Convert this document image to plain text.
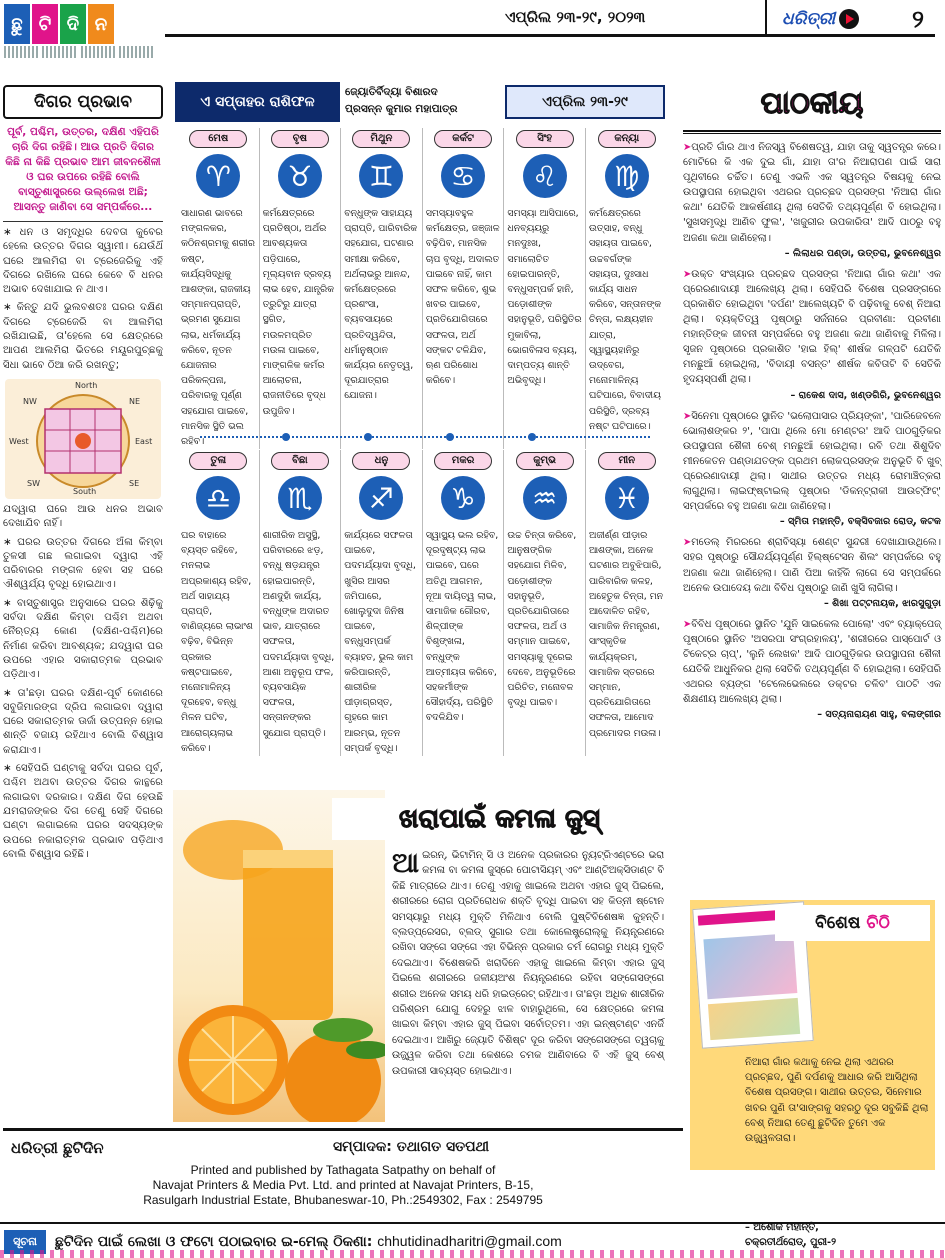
ଛୁ ଟି ଦି ନ	ଏପ୍ରିଲ ୨୩-୨୯, ୨୦୨୩	ଧରିତ୍ରୀ	୨
ଦିଗର ପ୍ରଭାବ
ପୂର୍ବ, ପଶ୍ଚିମ, ଉତ୍ତର, ଦକ୍ଷିଣ ଏହିପରି ଚାରି ଦିଗ ରହିଛି। ଆଉ ପ୍ରତି ଦିଗର କିଛି ନା କିଛି ପ୍ରଭାବ ଆମ ଜୀବନଶୈଳୀ ଓ ଘର ଉପରେ ରହିଛି ବୋଲି ବାସ୍ତୁଶାସ୍ତ୍ରରେ ଉଲ୍ଲେଖ ଅଛି; ଆସନ୍ତୁ ଜାଣିବା ସେ ସମ୍ପର୍କରେ...
∗ ଧନ ଓ ସମୃଦ୍ଧିର ଦେବତା କୁବେର ହେଲେ ଉତ୍ତର ଦିଗର ସ୍ୱାମୀ। ଯେଉଁଥିଁ ଘରେ ଆଲମିରା ବା ଟ୍ରେଜେରିକୁ ଏହି ଦିଗରେ ରଖିଲେ ଘରେ କେବେ ବି ଧନର ଅଭାବ ଦେଖାଯାଇ ନ ଥାଏ।
∗ କିନ୍ତୁ ଯଦି ଭୁଲବଶତଃ ଘରର ଦକ୍ଷିଣ ଦିଗରେ ଟ୍ରେଜେରି ବା ଆଲମିରା ରଖିଯାଇଛି, ତା'ହେଲେ ସେ କ୍ଷେତ୍ରରେ ଆପଣ ଆଲମିରା ଭିତରେ ମୟୂରପୁଚ୍ଛକୁ ସିଧା ଭାବେ ଠିଆ କରି ରଖନ୍ତୁ;
North
NW	NE
West	East
SW	SE
South
ଯଦ୍ୱାରା ଘରେ ଆଉ ଧନର ଅଭାବ ଦେଖାଯିବ ନାହିଁ।
∗ ଘରର ଉତ୍ତର ଦିଗରେ ଅଁଳା କିମ୍ବା ତୁଳସୀ ଗଛ ଲଗାଇବା ଦ୍ୱାରା ଏହି ପରିବାରର ମଙ୍ଗଳ ହେବା ସହ ଘରେ ଐଶ୍ୱର୍ଯ୍ୟ ବୃଦ୍ଧି ହୋଇଥାଏ।
∗ ବାସ୍ତୁଶାସ୍ତ୍ର ଅନୁସାରେ ଘରର ଶିଢ଼ିକୁ ସର୍ବଦା ଦକ୍ଷିଣ କିମ୍ବା ପଶ୍ଚିମ ଅଥବା ନୈଋତ୍ୟ କୋଣ (ଦକ୍ଷିଣ-ପଶ୍ଚିମ)ରେ ନିର୍ମାଣ କରିବା ଆବଶ୍ୟକ; ଯଦ୍ୱାରା ଘର ଉପରେ ଏହାର ସକାରାତ୍ମକ ପ୍ରଭାବ ପଡ଼ିଥାଏ।
∗ ତା'ଛଡ଼ା ଘରର ଦକ୍ଷିଣ-ପୂର୍ବ କୋଣରେ ସବୁଜିମାରଙ୍ଗ ଦ୍ରିପ ଲଗାଇବା ଦ୍ୱାରା ଘରେ ସକାରାତ୍ମକ ଊର୍ଜା ଉତ୍ପନ୍ନ ହୋଇ ଶାନ୍ତି ବଜାୟ ରହିଥାଏ ବୋଲି ବିଶ୍ୱାସ କରାଯାଏ।
∗ ସେହିପରି ଘଣ୍ଟାକୁ ସର୍ବଦା ଘରର ପୂର୍ବ, ପଶ୍ଚିମ ଅଥବା ଉତ୍ତର ଦିଗର କାନ୍ଥରେ ଲଗାଇବା ଦରକାର। ଦକ୍ଷିଣ ଦିଗ ହେଉଛି ଯମରାଜଙ୍କର ଦିଗ ତେଣୁ ସେହି ଦିଗରେ ଘଣ୍ଟା ଲଗାଇଲେ ଘରର ସଦସ୍ୟଙ୍କ ଉପରେ ନକାରାତ୍ମକ ପ୍ରଭାବ ପଡ଼ିଥାଏ ବୋଲି ବିଶ୍ୱାସ ରହିଛି।
ଏ ସପ୍ତାହର ରାଶିଫଳ
ଜ୍ୟୋତିର୍ବିଦ୍ୟା ବିଶାରଦ
ପ୍ରସନ୍ନ କୁମାର ମହାପାତ୍ର	ଏପ୍ରିଲ ୨୩-୨୯
ମେଷ
♈
ସାଧାରଣ ଭାବରେ ମଙ୍ଗଳକର, କଠିନଶ୍ରମକୁ ଶରୀର କଷ୍ଟ, କାର୍ଯ୍ୟସିଦ୍ଧିକୁ ଆଶଙ୍କା, ରାଜକୀୟ ସମ୍ମାନପ୍ରାପ୍ତି, ଭ୍ରମଣ ସୁଯୋଗ ଲାଭ, ଧର୍ମକାର୍ଯ୍ୟ କରିବେ, ନୂତନ ଯୋଜନାର ପରିକଳ୍ପନା, ପରିବାରକୁ ପୂର୍ଣ୍ଣ ସହଯୋଗ ପାଇବେ, ମାନସିକ ସ୍ଥିତି ଭଲ ରହିବ।
ବୃଷ
♉
କର୍ମକ୍ଷେତ୍ରରେ ପ୍ରତିଷ୍ଠା, ଅର୍ଥର ଆବଶ୍ୟକତା ପଡ଼ିପାରେ, ମୂଲ୍ୟବାନ ଦ୍ରବ୍ୟ ଲାଭ ହେବ, ଯାନ୍ତ୍ରିକ ତ୍ରୁଟିରୁ ଯାତ୍ରା ସ୍ଥଗିତ, ମଉଳମପ୍ରିତ ମଉଳା ପାଇବେ, ମାଙ୍ଗଳିକ କର୍ମର ଆଲୋଚନା, ରାଜନୀତିରେ ବୃଦ୍ଧ ଉପୁଜିବ।
ମିଥୁନ
♊
ବନ୍ଧୁଙ୍କ ସାହାଯ୍ୟ ପ୍ରାପ୍ତି, ପାରିବାରିକ ସହଯୋଗ, ଘଟଣାର ସମୀକ୍ଷା କରିବେ, ଅର୍ଥଲାଭରୁ ଆନନ୍ଦ, କର୍ମକ୍ଷେତ୍ରରେ ପ୍ରଶଂସା, ବ୍ୟବସାୟରେ ପ୍ରତିଦ୍ୱନ୍ଦିତା, ଧର୍ମାନୁଷ୍ଠାନ କାର୍ଯ୍ୟର ନେତୃତ୍ୱ, ଦୂରଯାତ୍ରାର ଯୋଜନା।
କର୍କଟ
♋
ସମସ୍ୟାବହୁଳ କର୍ମକ୍ଷେତ୍ର, ଜଞ୍ଜାଳ ବଢ଼ିପିବ, ମାନସିକ ଚାପ ବୃଦ୍ଧି, ଅଦାଲତ ପାଇବେ ନାହିଁ, କାମ ସଫଳ କରିବେ, ଶୁଭ ଖବର ପାଇବେ, ପ୍ରତିଯୋଗିତାରେ ସଫଳତା, ଅର୍ଥ ସଙ୍କଟ ଟଳିଯିବ, ଋଣ ପରିଶୋଧ କରିବେ।
ସିଂହ
♌
ସମସ୍ୟା ଆସିପାରେ, ଧନବ୍ୟୟରୁ ମନଦୁଃଖ, ସମାଲୋଚିତ ହୋଇପାରନ୍ତି, ବନ୍ଧୁସମ୍ପର୍କ ହାନି, ପଡ଼ୋଶୀଙ୍କ ସହାନୁଭୂତି, ପରିସ୍ଥିତିର ମୁକାବିଲା, ଭୋଗବିଳାସ ବ୍ୟୟ, ଦାମ୍ପତ୍ୟ ଶାନ୍ତି ଅଭିବୃଦ୍ଧି।
କନ୍ୟା
♍
କର୍ମକ୍ଷେତ୍ରରେ ଉତ୍ସାହ, ବନ୍ଧୁ ସହାୟତା ପାଇବେ, ଉଚ୍ଚବର୍ଗଙ୍କ ସହାୟତା, ଦୁଃସାଧ କାର୍ଯ୍ୟ ସାଧନ କରିବେ, ସନ୍ତାନଙ୍କ ଚିନ୍ତା, ଲକ୍ଷ୍ୟହୀନ ଯାତ୍ରା, ସ୍ୱାସ୍ଥ୍ୟହାନିରୁ ଉଦ୍‌ବେଗ, ମନୋମାଳିନ୍ୟ ଘଟିପାରେ, ବିବାଦୀୟ ପରିସ୍ଥିତି, ଦ୍ରବ୍ୟ ନଷ୍ଟ ଘଟିପାରେ।
ତୁଳା
♎
ଘର ବାହାରେ ବ୍ୟସ୍ତ ରହିବେ, ମନଲାଭ ଅପ୍ରକାଶ୍ୟ ରହିବ, ଅର୍ଥ ସାହାଯ୍ୟ ପ୍ରାପ୍ତି, ବାଣିଜ୍ୟରେ ଲାଭାଂଶ ବଢ଼ିବ, ବିଭିନ୍ନ ପ୍ରକାର କଷ୍ଟପାଇବେ, ମନୋମାଳିନ୍ୟ ଦୂରହେବ, ବନ୍ଧୁ ମିଳନ ଘଟିବ, ଆରୋଗ୍ୟଲାଭ କରିବେ।
ବିଛା
♏
ଶାରୀରିକ ଅସୁସ୍ଥି, ପରିବାରରେ ଝଡ଼, ବନ୍ଧୁ ଷଡ଼ଯନ୍ତ୍ର ହୋଇପାରନ୍ତି, ଅଣଦୁହାଁ କାର୍ଯ୍ୟ, ବନ୍ଧୁଙ୍କ ଅଦାରତ ଭାବ, ଯାତ୍ରାରେ ସଫଳତା, ପଦମର୍ଯ୍ୟାଦା ବୃଦ୍ଧି, ଆଶା ଅନୁରୂପ ଫଳ, ବ୍ୟବସାୟିକ ସଫଳତା, ସନ୍ତାନଙ୍କର ସୁଯୋଗ ପ୍ରାପ୍ତି।
ଧନୁ
♐
କାର୍ଯ୍ୟରେ ସଫଳତା ପାଇବେ, ପଦମର୍ଯ୍ୟାଦା ବୃଦ୍ଧି, ଖୁସିର ଆସର ଜମିପାରେ, ଖୋଲୁଦୁଦା ଜିନିଷ ପାଇବେ, ବନ୍ଧୁସମ୍ପର୍କ ବ୍ୟାହତ, ଭୁଲ କାମ କରିପାରନ୍ତି, ଶାରୀରିକ ପୀଡ଼ାଗ୍ରସ୍ତ, ଗୃହରେ କାମ ଆରମ୍ଭ, ନୂତନ ସମ୍ପର୍କ ବୃଦ୍ଧି।
ମକର
♑
ସ୍ୱାସ୍ଥ୍ୟ ଭଲ ରହିବ, ଦୂରଦୃଷ୍ଟ୍ୟ ଲାଭ ପାଇବେ, ଘରେ ଅତିଥି ଆଗମନ, ନୂଆ ଦାୟିତ୍ୱ ଲାଭ, ସାମାଜିକ ଗୌରବ, ଶିଳ୍ପୀଙ୍କ ବିଶୃଙ୍ଖଳା, ବନ୍ଧୁଙ୍କ ଆତ୍ମୀୟତା କରିବେ, ସହକର୍ମୀଙ୍କ ସୌହାର୍ଦ୍ୟ, ପରିସ୍ଥିତି ବଦଳିଯିବ।
କୁମ୍ଭ
♒
ଉଚ୍ଚ ଚିନ୍ତା କରିବେ, ଆନୁଷଙ୍ଗିକ ସହଯୋଗ ମିଳିବ, ପଡ଼ୋଶୀଙ୍କ ସହାନୁଭୂତି, ପ୍ରତିଯୋଗିତାରେ ସଫଳତା, ଅର୍ଥ ଓ ସମ୍ମାନ ପାଇବେ, ସମସ୍ୟାକୁ ଦୂରେଇ ଦେବେ, ଅନୁଭୂତିରେ ପରିଚିତ, ମନୋବଳ ବୃଦ୍ଧି ପାଇବ।
ମୀନ
♓
ଅଜୀର୍ଣ୍ଣ ପୀଡ଼ାର ଆଶଙ୍କା, ଅନେକ ଘଟଣାର ଅବୁଝିପାରି, ପାରିବାରିକ କଳହ, ଅହେତୁକ ଚିନ୍ତା, ମନ ଆଦୋଳିତ ରହିବ, ସାମାଜିକ ନିମନ୍ତ୍ରଣ, ସାଂସ୍କୃତିକ କାର୍ଯ୍ୟକ୍ରମ, ସାମାଜିକ ସ୍ତରରେ ସମ୍ମାନ, ପ୍ରତିଯୋଗିତାରେ ସଫଳତା, ଆମୋଦ ପ୍ରମୋଦର ମଉଳା।
ଖରାପାଇଁ କମଳା ଜୁସ୍
ଆଇରନ୍, ଭିଟାମିନ୍ ସି ଓ ଅନେକ ପ୍ରକାରର ନ୍ୟୁଟ୍ରିଏଣ୍ଟରେ ଭରା କମଳା ବା କମଳା ଜୁସ୍‌ରେ ପୋଟାସିୟମ୍ ଏବଂ ଆଣ୍ଟିଅକ୍ସିଡାଣ୍ଟ ବି କିଛି ମାତ୍ରାରେ ଥାଏ। ତେଣୁ ଏହାକୁ ଖାଇଲେ ଅଥବା ଏହାର ଜୁସ୍ ପିଇଲେ, ଶରୀରରେ ରୋଗ ପ୍ରତିରୋଧକ ଶକ୍ତି ବୃଦ୍ଧି ପାଇବା ସହ କିଡ୍‌ନୀ ଷ୍ଟୋନ ସମସ୍ୟାରୁ ମଧ୍ୟ ମୁକ୍ତି ମିଳିଥାଏ ବୋଲି ପୁଷ୍ଟିବିଶେଷଜ୍ଞ କୁହନ୍ତି। ବ୍ଲଡ୍‌ପ୍ରେସର, ବ୍ଲଡ୍ ସୁଗାର ତଥା କୋଲେଷ୍ଟ୍ରୋଲ୍‌କୁ ନିୟନ୍ତ୍ରଣରେ ରଖିବା ସଙ୍ଗେ ସଙ୍ଗେ ଏହା ବିଭିନ୍ନ ପ୍ରକାର ଚର୍ମ ରୋଗରୁ ମଧ୍ୟ ମୁକ୍ତି ଦେଇଥାଏ। ବିଶେଷକରି ଖରାଦିନେ ଏହାକୁ ଖାଇଲେ କିମ୍ବା ଏହାର ଜୁସ୍ ପିଇଲେ ଶରୀରରେ ଜଳୀୟଅଂଶ ନିୟନ୍ତ୍ରଣରେ ରହିବା ସଙ୍ଗେସଙ୍ଗେ ଶରୀର ଅନେକ ସମୟ ଧରି ହାଇଡ୍ରେଟ୍ ରହିଥାଏ। ତା'ଛଡ଼ା ଅଧିକ ଶାରୀରିକ ପରିଶ୍ରମ ଯୋଗୁ ଦେହରୁ ଝାଳ ବାହାରୁଥିଲେ, ସେ କ୍ଷେତ୍ରରେ କମଳା ଖାଇବା କିମ୍ବା ଏହାର ଜୁସ୍ ପିଇବା ସର୍ବୋତ୍ତମ। ଏହା ଇନ୍‌ଷ୍ଟାଣ୍ଟ ଏନର୍ଜି ଦେଇଥାଏ। ଆଖିରୁ ଜ୍ୟୋତି ବିଶିଷ୍ଟ ଦୂର କରିବା ସଙ୍ଗେସଙ୍ଗେ ତ୍ୱଚାକୁ ଉଜ୍ଜ୍ୱଳ କରିବା ତଥା କେଶରେ ଚମକ ଆଣିବାରେ ବି ଏହି ଜୁସ୍ ବେଶ୍ ଉପକାରୀ ସାବ୍ୟସ୍ତ ହୋଇଥାଏ।
ପାଠକୀୟ
➤ପ୍ରତି ଗାଁର ଥାଏ ନିଜସ୍ୱ ବିଶେଷତ୍ୱ, ଯାହା ତାକୁ ସ୍ୱତନ୍ତ୍ର କରେ। ମୋଟିରେ କି ଏକ ଦୁଇ ଗାଁ, ଯାହା ତା'ର ନିଆରାପଣ ପାଇଁ ସାରା ପୃଥିବୀରେ ଚର୍ଚ୍ଚିତ। ତେଣୁ ଏଭଳି ଏକ ସ୍ୱତନ୍ତ୍ର ବିଷୟକୁ ନେଇ ଉପସ୍ଥାପନା ହୋଇଥିବା ଏଥରର ପ୍ରଚ୍ଛଦ ପ୍ରସଙ୍ଗ 'ନିଆରା ଗାଁର କଥା' ଯେତିକି ଆକର୍ଷଣୀୟ ଥିଲା ସେତିକି ତଥ୍ୟପୂର୍ଣ୍ଣ ବି ହୋଇଥିଲା। 'ସୁଖସମୃଦ୍ଧି ଆଣିବ ଫୁଲ', 'ଖଜୁରୀର ଉପକାରିତା' ଆଦି ପାଠରୁ ବହୁ ଅଜଣା କଥା ଜାଣିହେଲା।
– ଲିଲାଧର ପଣ୍ଡା, ଉତ୍ତରା, ଭୁବନେଶ୍ୱର
➤ଉକ୍ତ ସଂଖ୍ୟାର ପ୍ରଚ୍ଛଦ ପ୍ରସଙ୍ଗ 'ନିଆରା ଗାଁର କଥା' ଏକ ପ୍ରେରଣାଦାୟୀ ଆଲେଖ୍ୟ ଥିଲା। ସେହିପରି ବିଶେଷ ପ୍ରସଙ୍ଗରେ ପ୍ରକାଶିତ ହୋଇଥିବା 'ଦର୍ପଣ' ଆଲେଖ୍ୟଟି ବି ପଢ଼ିବାକୁ ବେଶ୍ ନିଆରା ଥିଲା। ବ୍ୟକ୍ତିତ୍ୱ ପୃଷ୍ଠାରୁ ସର୍ଜନାରେ ପ୍ରବୀଣା: ପ୍ରବୀଣା ମହାନ୍ତିଙ୍କ ଜୀବନୀ ସମ୍ପର୍କରେ ବହୁ ଅଜଣା କଥା ଜାଣିବାକୁ ମିଳିଲା। ସୃଜନ ପୃଷ୍ଠାରେ ପ୍ରକାଶିତ 'ହାଇ ହିଲ୍' ଶୀର୍ଷକ ଗଳ୍ପଟି ଯେତିକି ମନଛୁଆଁ ହୋଇଥିଲା, 'ବିଦାୟୀ ବସନ୍ତ' ଶୀର୍ଷକ କବିତାଟି ବି ସେତିକି ହୃଦୟସ୍ପର୍ଶୀ ଥିଲା।
– ରାକେଶ ଦାସ, ଖଣ୍ଡଗିରି, ଭୁବନେଶ୍ୱର
➤ସିନେମା ପୃଷ୍ଠାରେ ସ୍ଥାନିତ 'ଭଲୋପାସାର ପ୍ରିୟଙ୍କା', 'ପାରିଜେବଳେ ଭୋଲାଶଙ୍କର ୨', 'ପାପା ଥିଲେ ମୋ ମେଣ୍ଟର' ଆଦି ପାଠଗୁଡ଼ିକର ଉପସ୍ଥାପନା ଶୈଳୀ ବେଶ୍ ମନଛୁଆଁ ହୋଇଥିଲା। ରବି ତଥା ଶିଶୁଦିବ ମୀନକେତନ ପଣ୍ଡାଯତଙ୍କ ପ୍ରଥମ ଲୋକପ୍ରସଙ୍କ ଅନୁଭୂତି ବି ଖୁବ୍ ପ୍ରେରଣାଦାୟୀ ଥିଲା। ସାଥୀର ଉତ୍ତର ମଧ୍ୟ ରୋମାଞ୍ଚିତ୍‌କରା ଲାଗୁଥିଲା। ଲାଇଫ୍‌ଷ୍ଟାଇଲ୍ ପୃଷ୍ଠାର 'ଡିକନ୍‌ଟ୍ରାକୀ ଆଉଟ୍‌ଫିଟ୍' ସମ୍ପର୍କରେ ବହୁ ଅଜଣା କଥା ଜାଣିହେଲା।
– ସ୍ମିତା ମହାନ୍ତି, ବକ୍ସିବଜାର ରୋଡ୍, କଟକ
➤ମଡେଲ୍ ମିରରରେ ଶ୍ରାବିସ୍ୟା ଶେଣ୍ଟ ସୁନ୍ଦରୀ ଦେଖାଯାଉଥିଲେ। ସହର ପୃଷ୍ଠାରୁ ସୌନ୍ଦର୍ଯ୍ୟପୂର୍ଣ୍ଣ ହିଲ୍‌ଷ୍ଟେସନ ଶିଲଂ ସମ୍ପର୍କରେ ବହୁ ଅଜଣା କଥା ଜାଣିହେଲା। ପାଣି ପିଆ କାହିଁକି ଲାଗେ ସେ ସମ୍ପର୍କରେ ଅନେକ ଉପାଦେୟ କଥା ବିବିଧ ପୃଷ୍ଠାରୁ ଜାଣି ଖୁସି ଲାଗିଲା।
– ଶିଖା ପଟ୍ଟନାୟକ, ଝାରସୁଗୁଡ଼ା
➤ବିବିଧ ପୃଷ୍ଠାରେ ସ୍ଥାନିତ 'ଯୁନି ସାଇକେଲ ପୋଲୋ' ଏବଂ ବ୍ୟାକ୍‌ପେଜ୍ ପୃଷ୍ଠାରେ ସ୍ଥାନିତ 'ଅସରପା ସଂଗ୍ରହାଳୟ', 'ଶରୀରରେ ପାସ୍‌ପୋର୍ଟ ଓ ଟିକେଟ୍‌ର ଚାପ୍‌', 'ଲୁନି ଲେଖକ' ଆଦି ପାଠଗୁଡ଼ିକର ଉପସ୍ଥାପନା ଶୈଳୀ ଯେତିକି ଆଧୁନିକର ଥିଲା ସେତିକି ତଥ୍ୟପୂର୍ଣ୍ଣ ବି ହୋଇଥିଲା। ସେହିପରି ଏଥରର ବ୍ୟଙ୍ଗ 'ଟେଲେଭେଲରେ ଡକ୍ଟର ଚଳିବ' ପାଠଟି ଏକ ଶିକ୍ଷଣୀୟ ଆଲେଖ୍ୟ ଥିଲା।
– ସତ୍ୟନାରାୟଣ ସାହୁ, ବଲାଙ୍ଗୀର
ବିଶେଷ ଚିଠି
ନିଆରା ଗାଁର କଥାକୁ ନେଇ ଥିଲା ଏଥରର ପ୍ରଚ୍ଛଦ, ପୁଣି ଦର୍ପଣକୁ ଆଧାର କରି ଆସିଥିଲା ବିଶେଷ ପ୍ରସଙ୍ଗ। ସାଥୀର ଉତ୍ତର, ସିନେମାର ଖବର ପୁଣି ତା'ସାଙ୍ଗକୁ ସହରଠୁ ଦୂର ସବୁକିଛି ଥିଲା ବେଶ୍ ନିଆରା ତେଣୁ ଛୁଟିଦିନ ତୁମେ ଏକ ଉଜ୍ଜ୍ୱଳତାରା।
– ଅଶୋକ ମହାନ୍ତି,
ଚକ୍ରତୀର୍ଥରୋଡ୍, ପୁରୀ-୨
ଧରିତ୍ରୀ ଛୁଟିଦିନ	ସମ୍ପାଦକ: ତଥାଗତ ସତପଥୀ
Printed and published by Tathagata Satpathy on behalf of
Navajat Printers & Media Pvt. Ltd. and printed at Navajat Printers, B-15,
Rasulgarh Industrial Estate, Bhubaneswar-10, Ph.:2549302, Fax : 2549795
ସୂଚନା	ଛୁଟିଦିନ ପାଇଁ ଲେଖା ଓ ଫଟୋ ପଠାଇବାର ଇ-ମେଲ୍ ଠିକଣା: chhutidinadharitri@gmail.com
